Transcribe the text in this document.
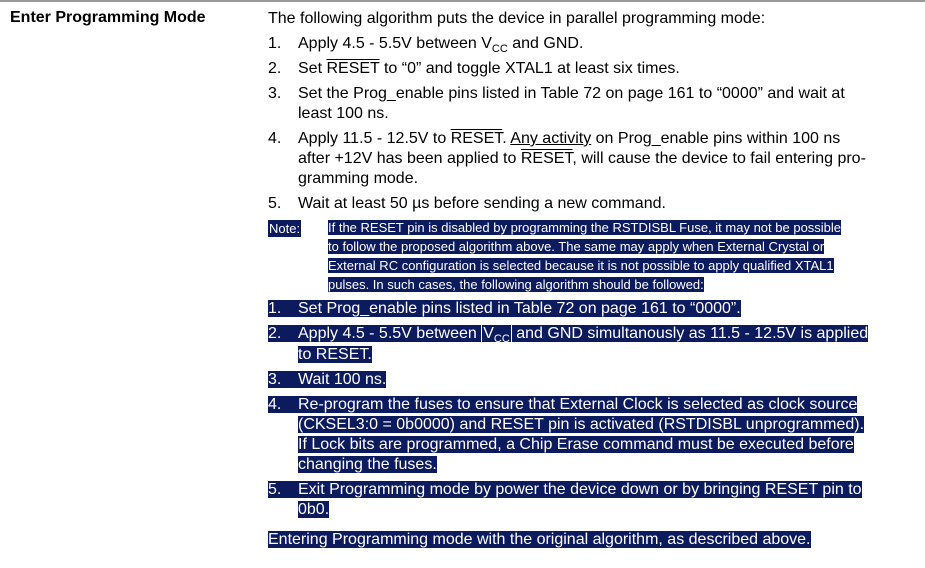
Enter Programming Mode	The following algorithm puts the device in parallel programming mode:
1.	Apply 4.5 - 5.5V between $V_{CC}$ and GND.
2.	Set RESET to “0” and toggle XTAL1 at least six times.
3.	Set the Prog_enable pins listed in Table 72 on page 161 to “0000” and wait at
least 100 ns.
4.	Apply 11.5 - 12.5V to RESET. Any activity on Prog_enable pins within 100 ns
after +12V has been applied to RESET, will cause the device to fail entering pro-
gramming mode.
5.	Wait at least 50 µs before sending a new command.
Note: If the RESET pin is disabled by programming the RSTDISBL Fuse, it may not be possible
to follow the proposed algorithm above. The same may apply when External Crystal or
External RC configuration is selected because it is not possible to apply qualified XTAL1
pulses. In such cases, the following algorithm should be followed:
1. Set Prog_enable pins listed in Table 72 on page 161 to “0000”.
2. Apply 4.5 - 5.5V between $V_{CC}$ and GND simultanously as 11.5 - 12.5V is applied
to RESET.
3. Wait 100 ns.
4. Re-program the fuses to ensure that External Clock is selected as clock source
(CKSEL3:0 = 0b0000) and RESET pin is activated (RSTDISBL unprogrammed).
If Lock bits are programmed, a Chip Erase command must be executed before
changing the fuses.
5. Exit Programming mode by power the device down or by bringing RESET pin to
0b0.
Entering Programming mode with the original algorithm, as described above.
